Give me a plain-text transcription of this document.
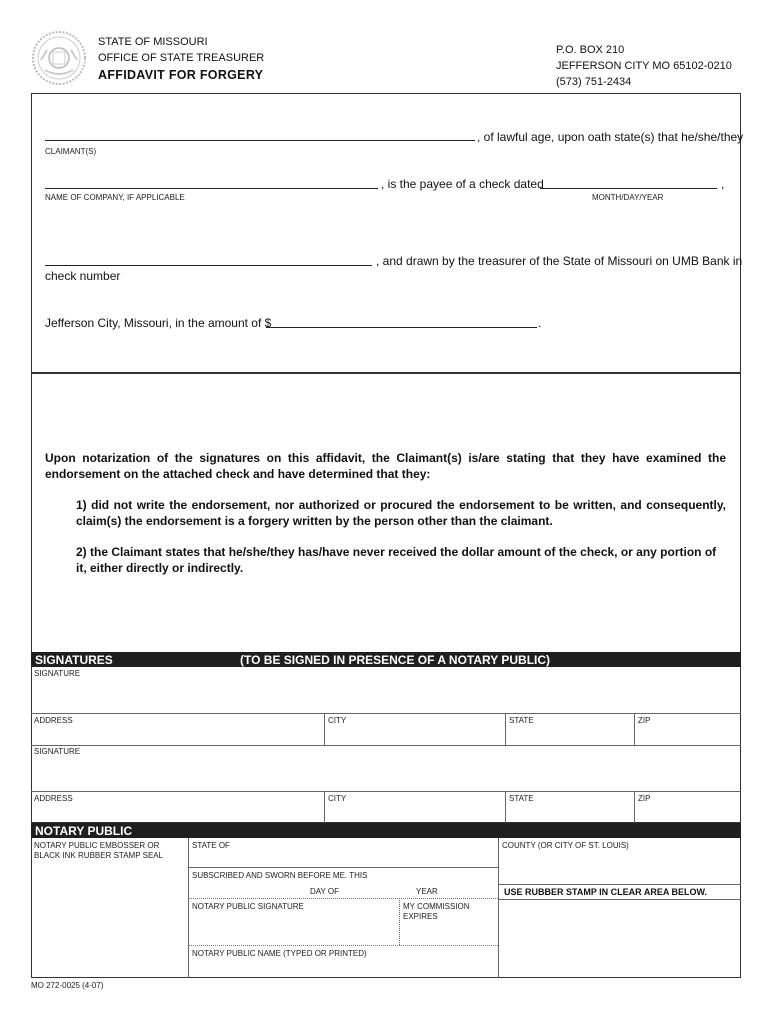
STATE OF MISSOURI
OFFICE OF STATE TREASURER
AFFIDAVIT FOR FORGERY
P.O. BOX 210
JEFFERSON CITY MO 65102-0210
(573) 751-2434
, of lawful age, upon oath state(s) that he/she/they
CLAIMANT(S)
, is the payee of a check dated	,
NAME OF COMPANY, IF APPLICABLE	MONTH/DAY/YEAR
, and drawn by the treasurer of the State of Missouri on UMB Bank in
check number
Jefferson City, Missouri, in the amount of $	.
Upon notarization of the signatures on this affidavit, the Claimant(s) is/are stating that they have examined the endorsement on the attached check and have determined that they:
1) did not write the endorsement, nor authorized or procured the endorsement to be written, and consequently, claim(s) the endorsement is a forgery written by the person other than the claimant.
2) the Claimant states that he/she/they has/have never received the dollar amount of the check, or any portion of it, either directly or indirectly.
SIGNATURES	(TO BE SIGNED IN PRESENCE OF A NOTARY PUBLIC)
SIGNATURE
ADDRESS	CITY	STATE	ZIP
SIGNATURE
ADDRESS	CITY	STATE	ZIP
NOTARY PUBLIC
NOTARY PUBLIC EMBOSSER OR BLACK INK RUBBER STAMP SEAL
STATE OF	COUNTY (OR CITY OF ST. LOUIS)
SUBSCRIBED AND SWORN BEFORE ME. THIS
DAY OF	YEAR	USE RUBBER STAMP IN CLEAR AREA BELOW.
NOTARY PUBLIC SIGNATURE	MY COMMISSION EXPIRES
NOTARY PUBLIC NAME (TYPED OR PRINTED)
MO 272-0025 (4-07)
